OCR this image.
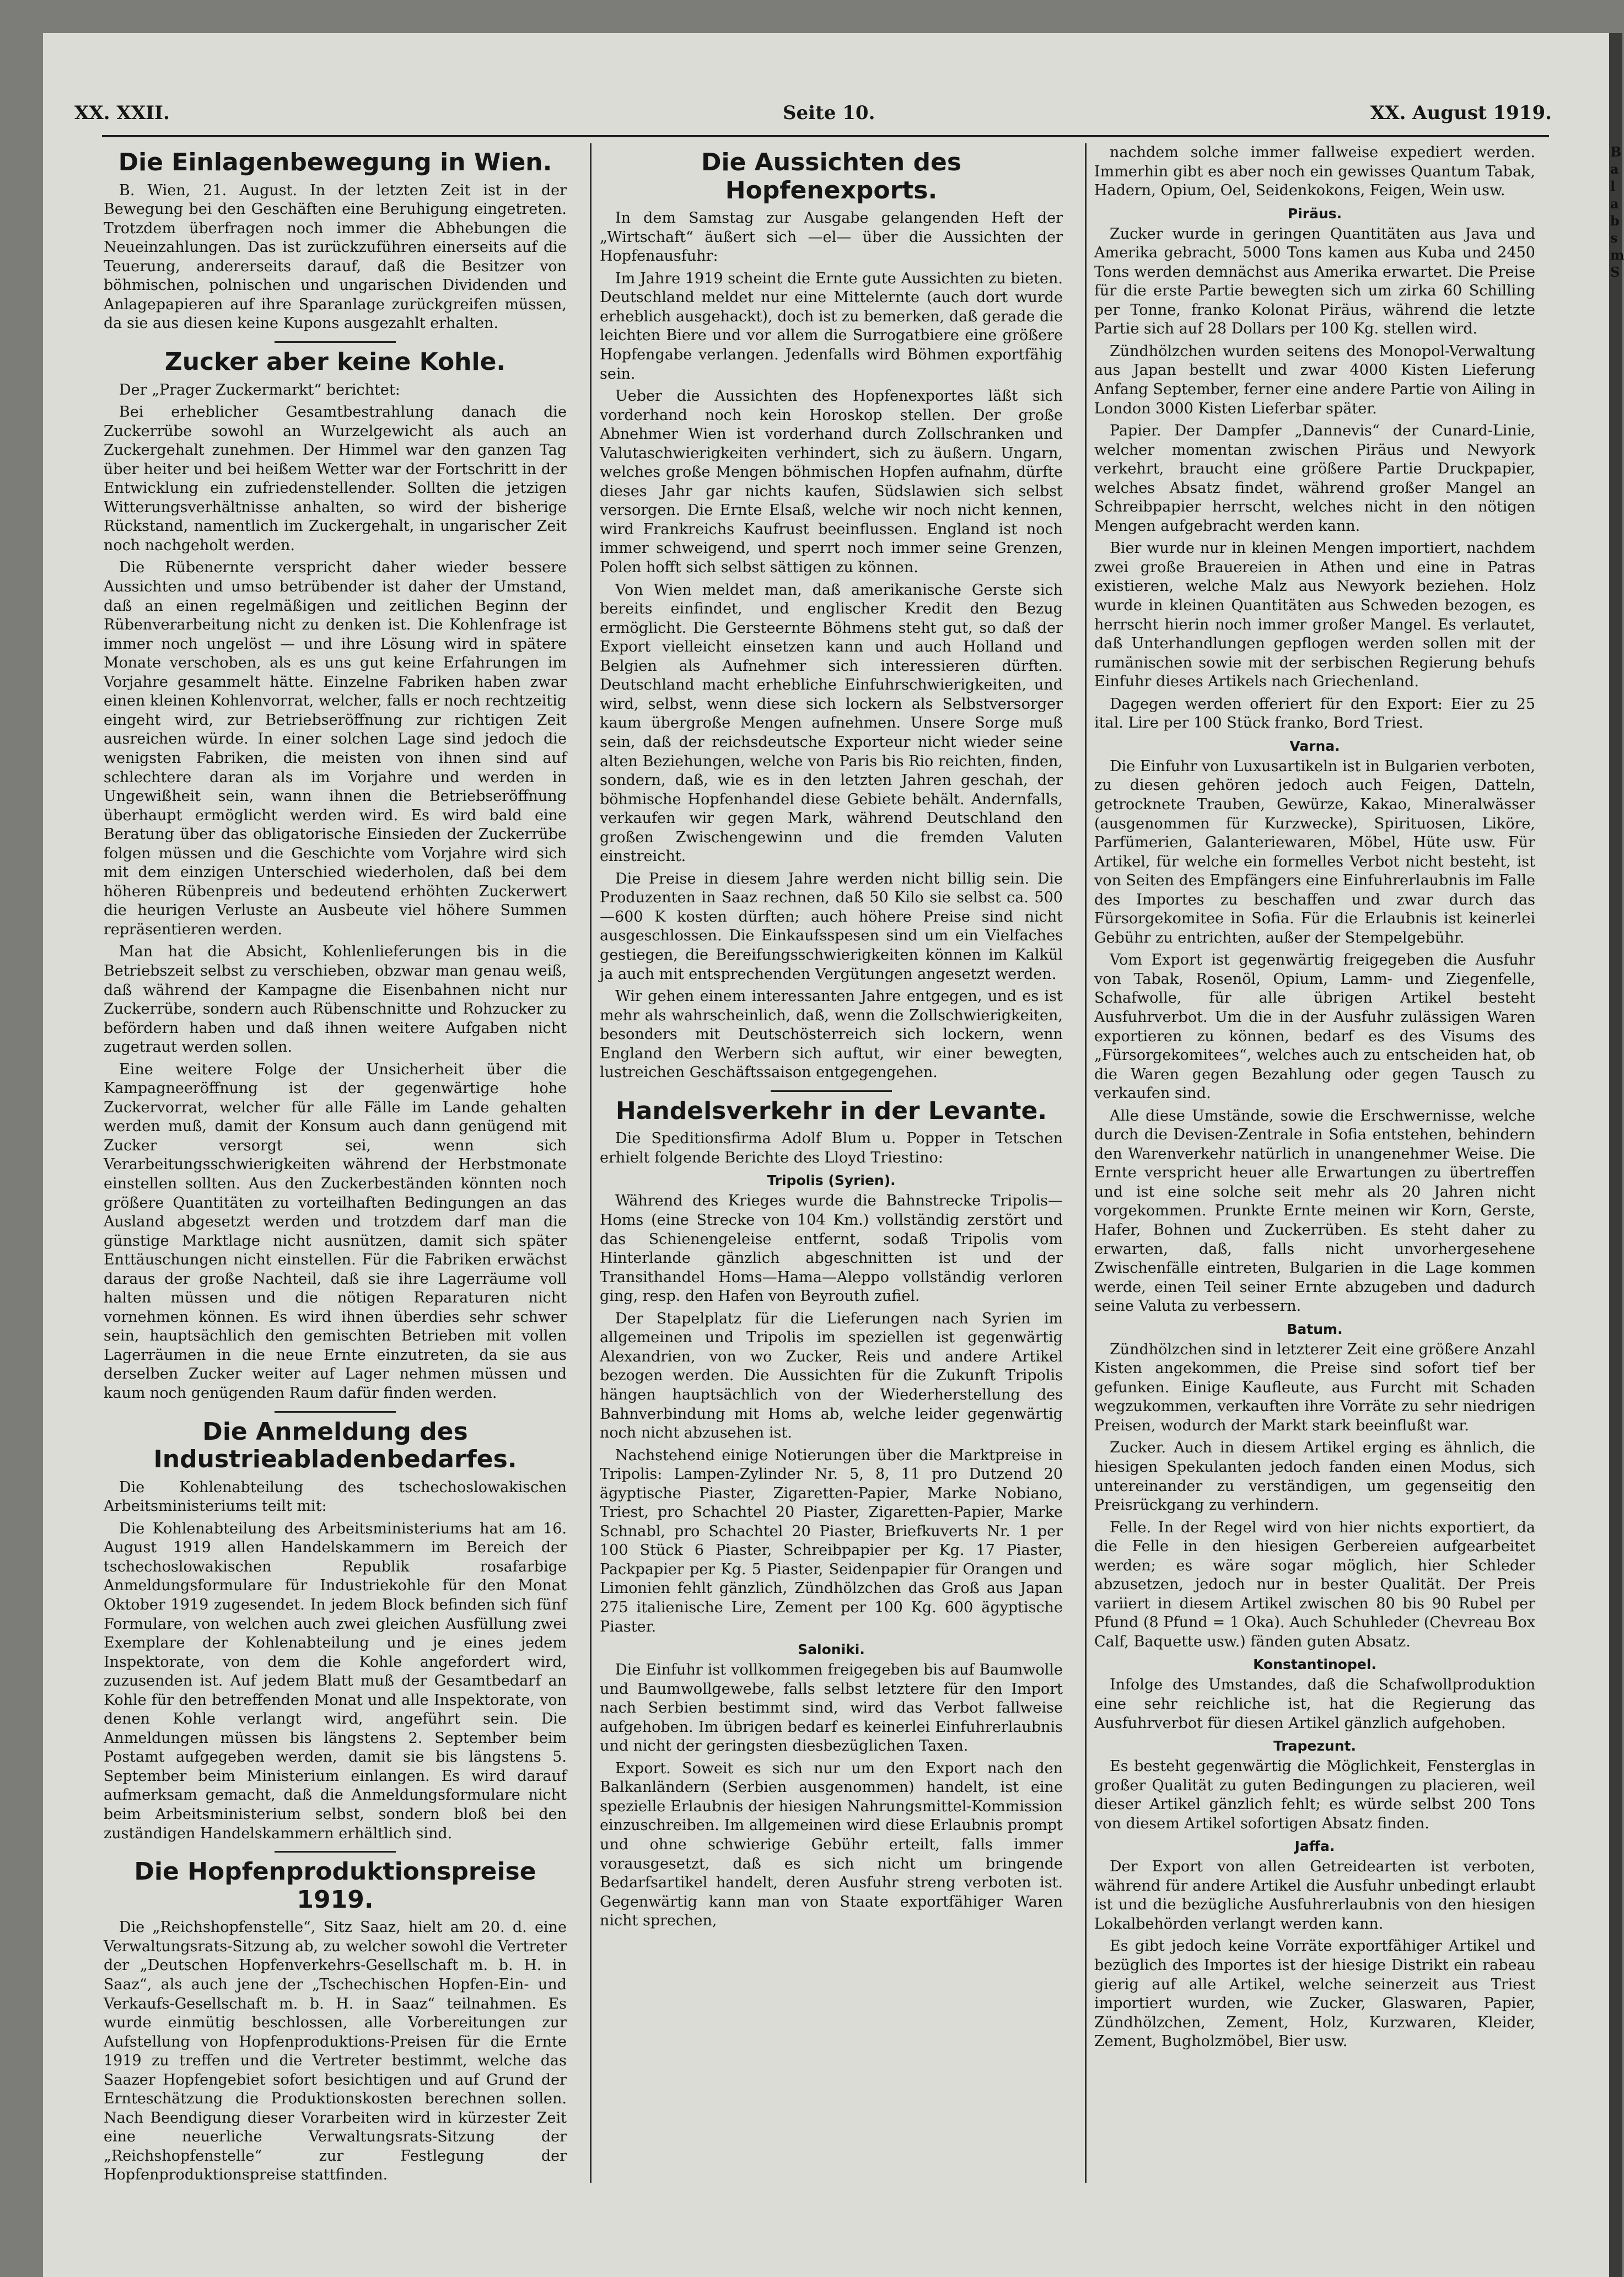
B a l a b s m S
XX. XXII.	Seite 10.	XX. August 1919.
Die Einlagenbewegung in Wien.

B. Wien, 21. August. In der letzten Zeit ist in der Bewegung bei den Geschäften eine Beruhigung eingetreten. Trotzdem überfragen noch immer die Abhebungen die Neueinzahlungen. Das ist zurückzuführen einerseits auf die Teuerung, andererseits darauf, daß die Besitzer von böhmischen, polnischen und ungarischen Dividenden und Anlagepapieren auf ihre Sparanlage zurückgreifen müssen, da sie aus diesen keine Kupons ausgezahlt erhalten.

Zucker aber keine Kohle.

Der „Prager Zuckermarkt“ berichtet:

Bei erheblicher Gesamtbestrahlung danach die Zuckerrübe sowohl an Wurzelgewicht als auch an Zuckergehalt zunehmen. Der Himmel war den ganzen Tag über heiter und bei heißem Wetter war der Fortschritt in der Entwicklung ein zufriedenstellender. Sollten die jetzigen Witterungsverhältnisse anhalten, so wird der bisherige Rückstand, namentlich im Zuckergehalt, in ungarischer Zeit noch nachgeholt werden.

Die Rübenernte verspricht daher wieder bessere Aussichten und umso betrübender ist daher der Umstand, daß an einen regelmäßigen und zeitlichen Beginn der Rübenverarbeitung nicht zu denken ist. Die Kohlenfrage ist immer noch ungelöst — und ihre Lösung wird in spätere Monate verschoben, als es uns gut keine Erfahrungen im Vorjahre gesammelt hätte. Einzelne Fabriken haben zwar einen kleinen Kohlenvorrat, welcher, falls er noch rechtzeitig eingeht wird, zur Betriebseröffnung zur richtigen Zeit ausreichen würde. In einer solchen Lage sind jedoch die wenigsten Fabriken, die meisten von ihnen sind auf schlechtere daran als im Vorjahre und werden in Ungewißheit sein, wann ihnen die Betriebseröffnung überhaupt ermöglicht werden wird. Es wird bald eine Beratung über das obligatorische Einsieden der Zuckerrübe folgen müssen und die Geschichte vom Vorjahre wird sich mit dem einzigen Unterschied wiederholen, daß bei dem höheren Rübenpreis und bedeutend erhöhten Zuckerwert die heurigen Verluste an Ausbeute viel höhere Summen repräsentieren werden.

Man hat die Absicht, Kohlenlieferungen bis in die Betriebszeit selbst zu verschieben, obzwar man genau weiß, daß während der Kampagne die Eisenbahnen nicht nur Zuckerrübe, sondern auch Rübenschnitte und Rohzucker zu befördern haben und daß ihnen weitere Aufgaben nicht zugetraut werden sollen.

Eine weitere Folge der Unsicherheit über die Kampagneeröffnung ist der gegenwärtige hohe Zuckervorrat, welcher für alle Fälle im Lande gehalten werden muß, damit der Konsum auch dann genügend mit Zucker versorgt sei, wenn sich Verarbeitungsschwierigkeiten während der Herbstmonate einstellen sollten. Aus den Zuckerbeständen könnten noch größere Quantitäten zu vorteilhaften Bedingungen an das Ausland abgesetzt werden und trotzdem darf man die günstige Marktlage nicht ausnützen, damit sich später Enttäuschungen nicht einstellen. Für die Fabriken erwächst daraus der große Nachteil, daß sie ihre Lagerräume voll halten müssen und die nötigen Reparaturen nicht vornehmen können. Es wird ihnen überdies sehr schwer sein, hauptsächlich den gemischten Betrieben mit vollen Lagerräumen in die neue Ernte einzutreten, da sie aus derselben Zucker weiter auf Lager nehmen müssen und kaum noch genügenden Raum dafür finden werden.

Die Anmeldung des Industrieabladenbedarfes.

Die Kohlenabteilung des tschechoslowakischen Arbeitsministeriums teilt mit:

Die Kohlenabteilung des Arbeitsministeriums hat am 16. August 1919 allen Handelskammern im Bereich der tschechoslowakischen Republik rosafarbige Anmeldungsformulare für Industriekohle für den Monat Oktober 1919 zugesendet. In jedem Block befinden sich fünf Formulare, von welchen auch zwei gleichen Ausfüllung zwei Exemplare der Kohlenabteilung und je eines jedem Inspektorate, von dem die Kohle angefordert wird, zuzusenden ist. Auf jedem Blatt muß der Gesamtbedarf an Kohle für den betreffenden Monat und alle Inspektorate, von denen Kohle verlangt wird, angeführt sein. Die Anmeldungen müssen bis längstens 2. September beim Postamt aufgegeben werden, damit sie bis längstens 5. September beim Ministerium einlangen. Es wird darauf aufmerksam gemacht, daß die Anmeldungsformulare nicht beim Arbeitsministerium selbst, sondern bloß bei den zuständigen Handelskammern erhältlich sind.

Die Hopfenproduktionspreise 1919.

Die „Reichshopfenstelle“, Sitz Saaz, hielt am 20. d. eine Verwaltungsrats-Sitzung ab, zu welcher sowohl die Vertreter der „Deutschen Hopfenverkehrs-Gesellschaft m. b. H. in Saaz“, als auch jene der „Tschechischen Hopfen-Ein- und Verkaufs-Gesellschaft m. b. H. in Saaz“ teilnahmen. Es wurde einmütig beschlossen, alle Vorbereitungen zur Aufstellung von Hopfenproduktions-Preisen für die Ernte 1919 zu treffen und die Vertreter bestimmt, welche das Saazer Hopfengebiet sofort besichtigen und auf Grund der Ernteschätzung die Produktionskosten berechnen sollen. Nach Beendigung dieser Vorarbeiten wird in kürzester Zeit eine neuerliche Verwaltungsrats-Sitzung der „Reichshopfenstelle“ zur Festlegung der Hopfenproduktionspreise stattfinden.

Die Aussichten des Hopfenexports.

In dem Samstag zur Ausgabe gelangenden Heft der „Wirtschaft“ äußert sich —el— über die Aussichten der Hopfenausfuhr:

Im Jahre 1919 scheint die Ernte gute Aussichten zu bieten. Deutschland meldet nur eine Mittelernte (auch dort wurde erheblich ausgehackt), doch ist zu bemerken, daß gerade die leichten Biere und vor allem die Surrogatbiere eine größere Hopfengabe verlangen. Jedenfalls wird Böhmen exportfähig sein.

Ueber die Aussichten des Hopfenexportes läßt sich vorderhand noch kein Horoskop stellen. Der große Abnehmer Wien ist vorderhand durch Zollschranken und Valutaschwierigkeiten verhindert, sich zu äußern. Ungarn, welches große Mengen böhmischen Hopfen aufnahm, dürfte dieses Jahr gar nichts kaufen, Südslawien sich selbst versorgen. Die Ernte Elsaß, welche wir noch nicht kennen, wird Frankreichs Kaufrust beeinflussen. England ist noch immer schweigend, und sperrt noch immer seine Grenzen, Polen hofft sich selbst sättigen zu können.

Von Wien meldet man, daß amerikanische Gerste sich bereits einfindet, und englischer Kredit den Bezug ermöglicht. Die Gersteernte Böhmens steht gut, so daß der Export vielleicht einsetzen kann und auch Holland und Belgien als Aufnehmer sich interessieren dürften. Deutschland macht erhebliche Einfuhrschwierigkeiten, und wird, selbst, wenn diese sich lockern als Selbstversorger kaum übergroße Mengen aufnehmen. Unsere Sorge muß sein, daß der reichsdeutsche Exporteur nicht wieder seine alten Beziehungen, welche von Paris bis Rio reichten, finden, sondern, daß, wie es in den letzten Jahren geschah, der böhmische Hopfenhandel diese Gebiete behält. Andernfalls, verkaufen wir gegen Mark, während Deutschland den großen Zwischengewinn und die fremden Valuten einstreicht.

Die Preise in diesem Jahre werden nicht billig sein. Die Produzenten in Saaz rechnen, daß 50 Kilo sie selbst ca. 500—600 K kosten dürften; auch höhere Preise sind nicht ausgeschlossen. Die Einkaufsspesen sind um ein Vielfaches gestiegen, die Bereifungsschwierigkeiten können im Kalkül ja auch mit entsprechenden Vergütungen angesetzt werden.

Wir gehen einem interessanten Jahre entgegen, und es ist mehr als wahrscheinlich, daß, wenn die Zollschwierigkeiten, besonders mit Deutschösterreich sich lockern, wenn England den Werbern sich auftut, wir einer bewegten, lustreichen Geschäftssaison entgegengehen.

Handelsverkehr in der Levante.

Die Speditionsfirma Adolf Blum u. Popper in Tetschen erhielt folgende Berichte des Lloyd Triestino:

Tripolis (Syrien).

Während des Krieges wurde die Bahnstrecke Tripolis—Homs (eine Strecke von 104 Km.) vollständig zerstört und das Schienengeleise entfernt, sodaß Tripolis vom Hinterlande gänzlich abgeschnitten ist und der Transithandel Homs—Hama—Aleppo vollständig verloren ging, resp. den Hafen von Beyrouth zufiel.

Der Stapelplatz für die Lieferungen nach Syrien im allgemeinen und Tripolis im speziellen ist gegenwärtig Alexandrien, von wo Zucker, Reis und andere Artikel bezogen werden. Die Aussichten für die Zukunft Tripolis hängen hauptsächlich von der Wiederherstellung des Bahnverbindung mit Homs ab, welche leider gegenwärtig noch nicht abzusehen ist.

Nachstehend einige Notierungen über die Marktpreise in Tripolis: Lampen-Zylinder Nr. 5, 8, 11 pro Dutzend 20 ägyptische Piaster, Zigaretten-Papier, Marke Nobiano, Triest, pro Schachtel 20 Piaster, Zigaretten-Papier, Marke Schnabl, pro Schachtel 20 Piaster, Briefkuverts Nr. 1 per 100 Stück 6 Piaster, Schreibpapier per Kg. 17 Piaster, Packpapier per Kg. 5 Piaster, Seidenpapier für Orangen und Limonien fehlt gänzlich, Zündhölzchen das Groß aus Japan 275 italienische Lire, Zement per 100 Kg. 600 ägyptische Piaster.

Saloniki.

Die Einfuhr ist vollkommen freigegeben bis auf Baumwolle und Baumwollgewebe, falls selbst letztere für den Import nach Serbien bestimmt sind, wird das Verbot fallweise aufgehoben. Im übrigen bedarf es keinerlei Einfuhrerlaubnis und nicht der geringsten diesbezüglichen Taxen.

Export. Soweit es sich nur um den Export nach den Balkanländern (Serbien ausgenommen) handelt, ist eine spezielle Erlaubnis der hiesigen Nahrungsmittel-Kommission einzuschreiben. Im allgemeinen wird diese Erlaubnis prompt und ohne schwierige Gebühr erteilt, falls immer vorausgesetzt, daß es sich nicht um bringende Bedarfsartikel handelt, deren Ausfuhr streng verboten ist. Gegenwärtig kann man von Staate exportfähiger Waren nicht sprechen,

nachdem solche immer fallweise expediert werden. Immerhin gibt es aber noch ein gewisses Quantum Tabak, Hadern, Opium, Oel, Seidenkokons, Feigen, Wein usw.

Piräus.

Zucker wurde in geringen Quantitäten aus Java und Amerika gebracht, 5000 Tons kamen aus Kuba und 2450 Tons werden demnächst aus Amerika erwartet. Die Preise für die erste Partie bewegten sich um zirka 60 Schilling per Tonne, franko Kolonat Piräus, während die letzte Partie sich auf 28 Dollars per 100 Kg. stellen wird.

Zündhölzchen wurden seitens des Monopol-Verwaltung aus Japan bestellt und zwar 4000 Kisten Lieferung Anfang September, ferner eine andere Partie von Ailing in London 3000 Kisten Lieferbar später.

Papier. Der Dampfer „Dannevis“ der Cunard-Linie, welcher momentan zwischen Piräus und Newyork verkehrt, braucht eine größere Partie Druckpapier, welches Absatz findet, während großer Mangel an Schreibpapier herrscht, welches nicht in den nötigen Mengen aufgebracht werden kann.

Bier wurde nur in kleinen Mengen importiert, nachdem zwei große Brauereien in Athen und eine in Patras existieren, welche Malz aus Newyork beziehen. Holz wurde in kleinen Quantitäten aus Schweden bezogen, es herrscht hierin noch immer großer Mangel. Es verlautet, daß Unterhandlungen gepflogen werden sollen mit der rumänischen sowie mit der serbischen Regierung behufs Einfuhr dieses Artikels nach Griechenland.

Dagegen werden offeriert für den Export: Eier zu 25 ital. Lire per 100 Stück franko, Bord Triest.

Varna.

Die Einfuhr von Luxusartikeln ist in Bulgarien verboten, zu diesen gehören jedoch auch Feigen, Datteln, getrocknete Trauben, Gewürze, Kakao, Mineralwässer (ausgenommen für Kurzwecke), Spirituosen, Liköre, Parfümerien, Galanteriewaren, Möbel, Hüte usw. Für Artikel, für welche ein formelles Verbot nicht besteht, ist von Seiten des Empfängers eine Einfuhrerlaubnis im Falle des Importes zu beschaffen und zwar durch das Fürsorgekomitee in Sofia. Für die Erlaubnis ist keinerlei Gebühr zu entrichten, außer der Stempelgebühr.

Vom Export ist gegenwärtig freigegeben die Ausfuhr von Tabak, Rosenöl, Opium, Lamm- und Ziegenfelle, Schafwolle, für alle übrigen Artikel besteht Ausfuhrverbot. Um die in der Ausfuhr zulässigen Waren exportieren zu können, bedarf es des Visums des „Fürsorgekomitees“, welches auch zu entscheiden hat, ob die Waren gegen Bezahlung oder gegen Tausch zu verkaufen sind.

Alle diese Umstände, sowie die Erschwernisse, welche durch die Devisen-Zentrale in Sofia entstehen, behindern den Warenverkehr natürlich in unangenehmer Weise. Die Ernte verspricht heuer alle Erwartungen zu übertreffen und ist eine solche seit mehr als 20 Jahren nicht vorgekommen. Prunkte Ernte meinen wir Korn, Gerste, Hafer, Bohnen und Zuckerrüben. Es steht daher zu erwarten, daß, falls nicht unvorhergesehene Zwischenfälle eintreten, Bulgarien in die Lage kommen werde, einen Teil seiner Ernte abzugeben und dadurch seine Valuta zu verbessern.

Batum.

Zündhölzchen sind in letzterer Zeit eine größere Anzahl Kisten angekommen, die Preise sind sofort tief ber gefunken. Einige Kaufleute, aus Furcht mit Schaden wegzukommen, verkauften ihre Vorräte zu sehr niedrigen Preisen, wodurch der Markt stark beeinflußt war.

Zucker. Auch in diesem Artikel erging es ähnlich, die hiesigen Spekulanten jedoch fanden einen Modus, sich untereinander zu verständigen, um gegenseitig den Preisrückgang zu verhindern.

Felle. In der Regel wird von hier nichts exportiert, da die Felle in den hiesigen Gerbereien aufgearbeitet werden; es wäre sogar möglich, hier Schleder abzusetzen, jedoch nur in bester Qualität. Der Preis variiert in diesem Artikel zwischen 80 bis 90 Rubel per Pfund (8 Pfund = 1 Oka). Auch Schuhleder (Chevreau Box Calf, Baquette usw.) fänden guten Absatz.

Konstantinopel.

Infolge des Umstandes, daß die Schafwollproduktion eine sehr reichliche ist, hat die Regierung das Ausfuhrverbot für diesen Artikel gänzlich aufgehoben.

Trapezunt.

Es besteht gegenwärtig die Möglichkeit, Fensterglas in großer Qualität zu guten Bedingungen zu placieren, weil dieser Artikel gänzlich fehlt; es würde selbst 200 Tons von diesem Artikel sofortigen Absatz finden.

Jaffa.

Der Export von allen Getreidearten ist verboten, während für andere Artikel die Ausfuhr unbedingt erlaubt ist und die bezügliche Ausfuhrerlaubnis von den hiesigen Lokalbehörden verlangt werden kann.

Es gibt jedoch keine Vorräte exportfähiger Artikel und bezüglich des Importes ist der hiesige Distrikt ein rabeau gierig auf alle Artikel, welche seinerzeit aus Triest importiert wurden, wie Zucker, Glaswaren, Papier, Zündhölzchen, Zement, Holz, Kurzwaren, Kleider, Zement, Bugholzmöbel, Bier usw.
